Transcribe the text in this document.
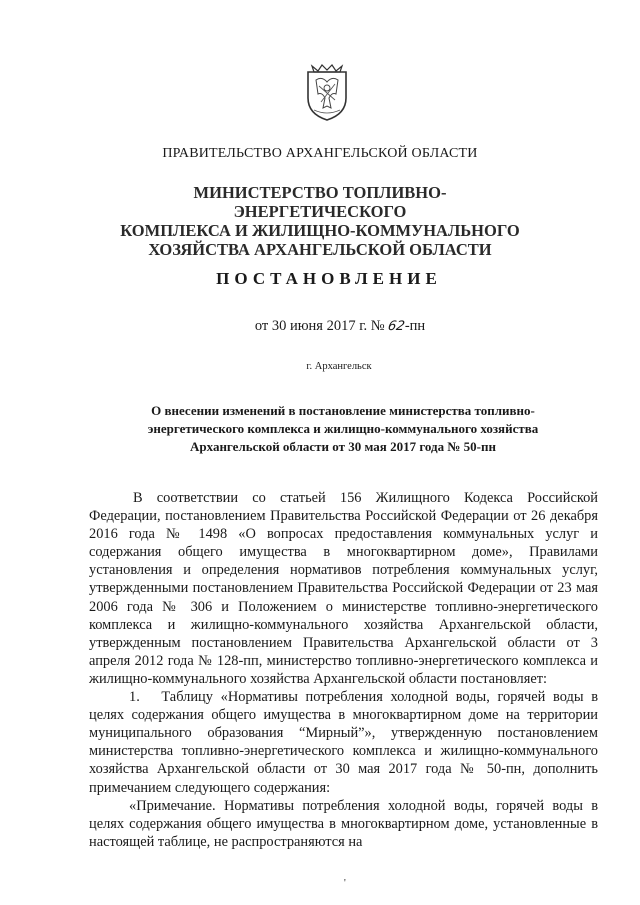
ПРАВИТЕЛЬСТВО АРХАНГЕЛЬСКОЙ ОБЛАСТИ
МИНИСТЕРСТВО ТОПЛИВНО-ЭНЕРГЕТИЧЕСКОГО
КОМПЛЕКСА И ЖИЛИЩНО-КОММУНАЛЬНОГО
ХОЗЯЙСТВА АРХАНГЕЛЬСКОЙ ОБЛАСТИ
ПОСТАНОВЛЕНИЕ
от 30 июня 2017 г. № 62-пн
г. Архангельск
О внесении изменений в постановление министерства топливно-
энергетического комплекса и жилищно-коммунального хозяйства
Архангельской области от 30 мая 2017 года № 50-пн

В соответствии со статьей 156 Жилищного Кодекса Российской Федерации, постановлением Правительства Российской Федерации от 26 декабря 2016 года № 1498 «О вопросах предоставления коммунальных услуг и содержания общего имущества в многоквартирном доме», Правилами установления и определения нормативов потребления коммунальных услуг, утвержденными постановлением Правительства Российской Федерации от 23 мая 2006 года № 306 и Положением о министерстве топливно-энергетического комплекса и жилищно-коммунального хозяйства Архангельской области, утвержденным постановлением Правительства Архангельской области от 3 апреля 2012 года № 128-пп, министерство топливно-энергетического комплекса и жилищно-коммунального хозяйства Архангельской области постановляет:

1.  Таблицу «Нормативы потребления холодной воды, горячей воды в целях содержания общего имущества в многоквартирном доме на территории муниципального образования “Мирный”», утвержденную постановлением министерства топливно-энергетического комплекса и жилищно-коммунального хозяйства Архангельской области от 30 мая 2017 года № 50-пн, дополнить примечанием следующего содержания:

«Примечание. Нормативы потребления холодной воды, горячей воды в целях содержания общего имущества в многоквартирном доме, установленные в настоящей таблице, не распространяются на

'
